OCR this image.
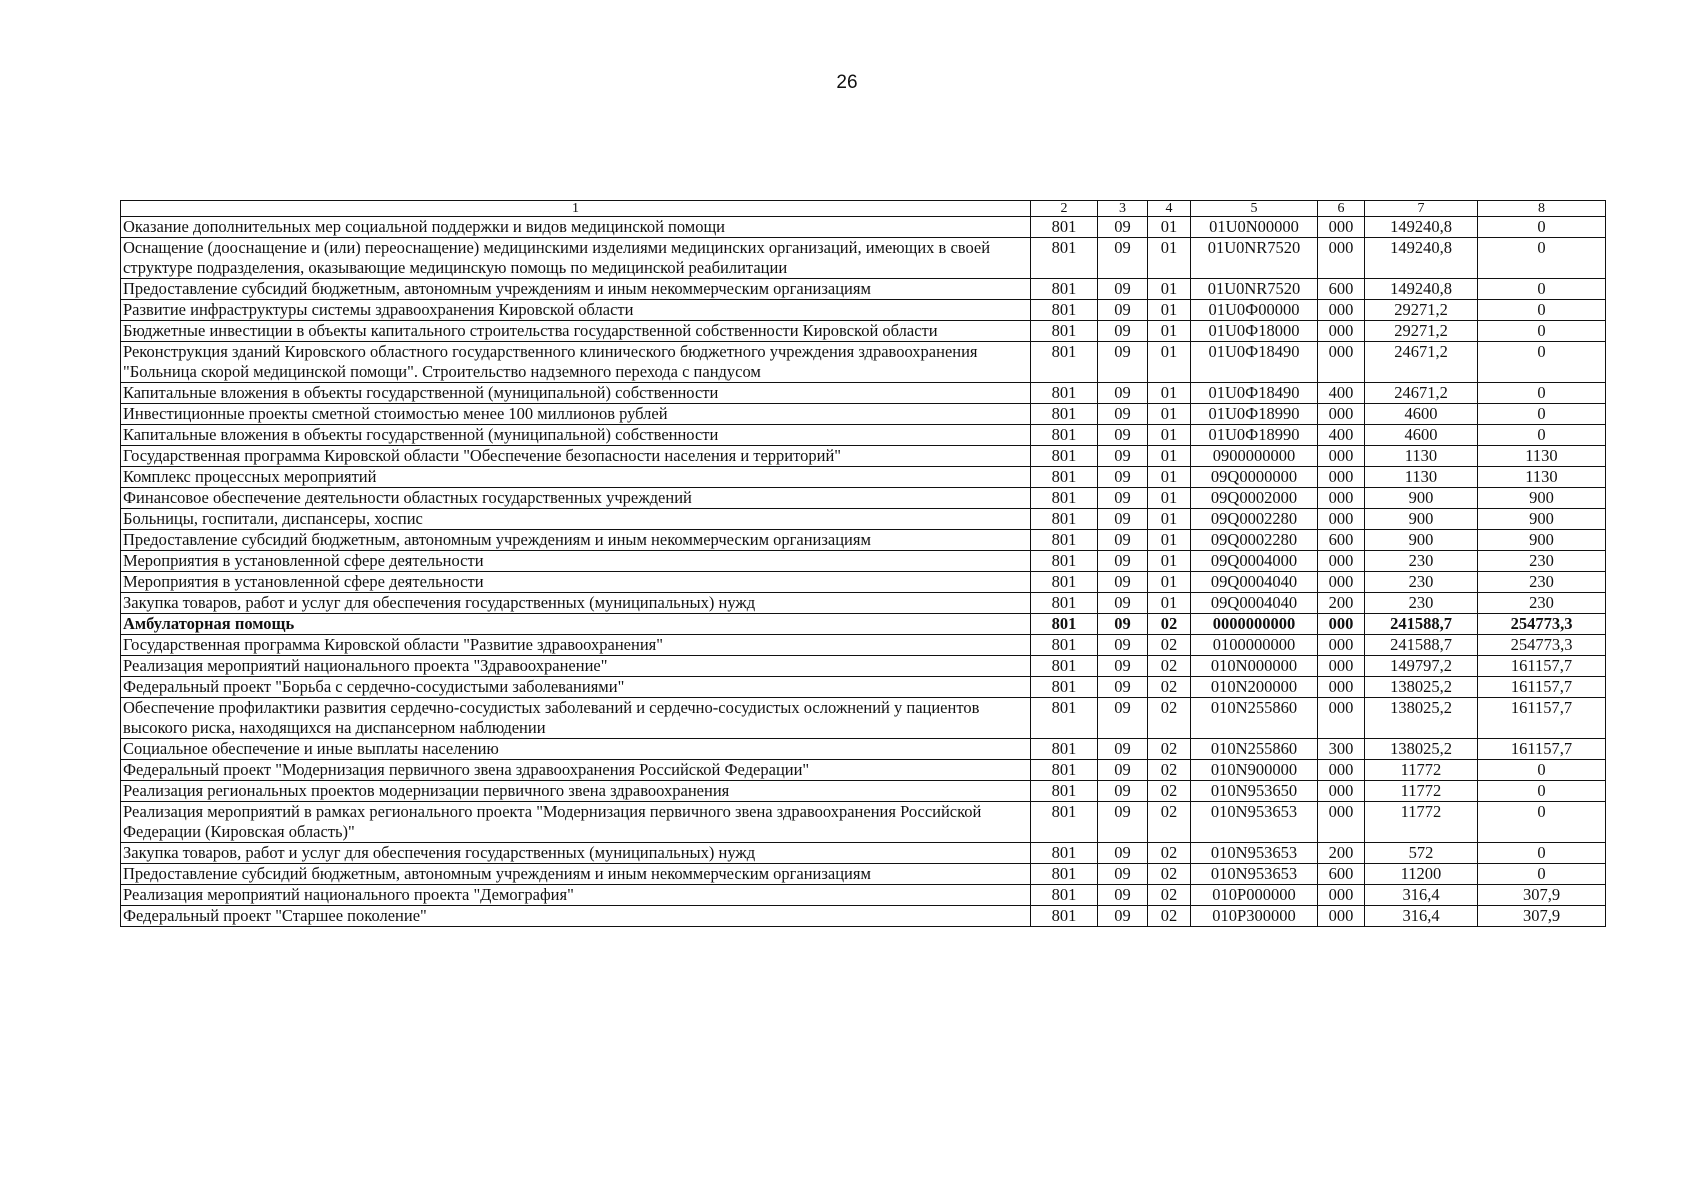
26
1	2	3	4	5	6	7	8
Оказание дополнительных мер социальной поддержки и видов медицинской помощи	801	09	01	01U0N00000	000	149240,8	0
Оснащение (дооснащение и (или) переоснащение) медицинскими изделиями медицинских организаций, имеющих в своей структуре подразделения, оказывающие медицинскую помощь по медицинской реабилитации	801	09	01	01U0NR7520	000	149240,8	0
Предоставление субсидий бюджетным, автономным учреждениям и иным некоммерческим организациям	801	09	01	01U0NR7520	600	149240,8	0
Развитие инфраструктуры системы здравоохранения Кировской области	801	09	01	01U0Ф00000	000	29271,2	0
Бюджетные инвестиции в объекты капитального строительства государственной собственности Кировской области	801	09	01	01U0Ф18000	000	29271,2	0
Реконструкция зданий Кировского областного государственного клинического бюджетного учреждения здравоохранения "Больница скорой медицинской помощи". Строительство надземного перехода с пандусом	801	09	01	01U0Ф18490	000	24671,2	0
Капитальные вложения в объекты государственной (муниципальной) собственности	801	09	01	01U0Ф18490	400	24671,2	0
Инвестиционные проекты сметной стоимостью менее 100 миллионов рублей	801	09	01	01U0Ф18990	000	4600	0
Капитальные вложения в объекты государственной (муниципальной) собственности	801	09	01	01U0Ф18990	400	4600	0
Государственная программа Кировской области "Обеспечение безопасности населения и территорий"	801	09	01	0900000000	000	1130	1130
Комплекс процессных мероприятий	801	09	01	09Q0000000	000	1130	1130
Финансовое обеспечение деятельности областных государственных учреждений	801	09	01	09Q0002000	000	900	900
Больницы, госпитали, диспансеры, хоспис	801	09	01	09Q0002280	000	900	900
Предоставление субсидий бюджетным, автономным учреждениям и иным некоммерческим организациям	801	09	01	09Q0002280	600	900	900
Мероприятия в установленной сфере деятельности	801	09	01	09Q0004000	000	230	230
Мероприятия в установленной сфере деятельности	801	09	01	09Q0004040	000	230	230
Закупка товаров, работ и услуг для обеспечения государственных (муниципальных) нужд	801	09	01	09Q0004040	200	230	230
Амбулаторная помощь	801	09	02	0000000000	000	241588,7	254773,3
Государственная программа Кировской области "Развитие здравоохранения"	801	09	02	0100000000	000	241588,7	254773,3
Реализация мероприятий национального проекта "Здравоохранение"	801	09	02	010N000000	000	149797,2	161157,7
Федеральный проект "Борьба с сердечно-сосудистыми заболеваниями"	801	09	02	010N200000	000	138025,2	161157,7
Обеспечение профилактики развития сердечно-сосудистых заболеваний и сердечно-сосудистых осложнений у пациентов высокого риска, находящихся на диспансерном наблюдении	801	09	02	010N255860	000	138025,2	161157,7
Социальное обеспечение и иные выплаты населению	801	09	02	010N255860	300	138025,2	161157,7
Федеральный проект "Модернизация первичного звена здравоохранения Российской Федерации"	801	09	02	010N900000	000	11772	0
Реализация региональных проектов модернизации первичного звена здравоохранения	801	09	02	010N953650	000	11772	0
Реализация мероприятий в рамках регионального проекта "Модернизация первичного звена здравоохранения Российской Федерации (Кировская область)"	801	09	02	010N953653	000	11772	0
Закупка товаров, работ и услуг для обеспечения государственных (муниципальных) нужд	801	09	02	010N953653	200	572	0
Предоставление субсидий бюджетным, автономным учреждениям и иным некоммерческим организациям	801	09	02	010N953653	600	11200	0
Реализация мероприятий национального проекта "Демография"	801	09	02	010P000000	000	316,4	307,9
Федеральный проект "Старшее поколение"	801	09	02	010P300000	000	316,4	307,9
